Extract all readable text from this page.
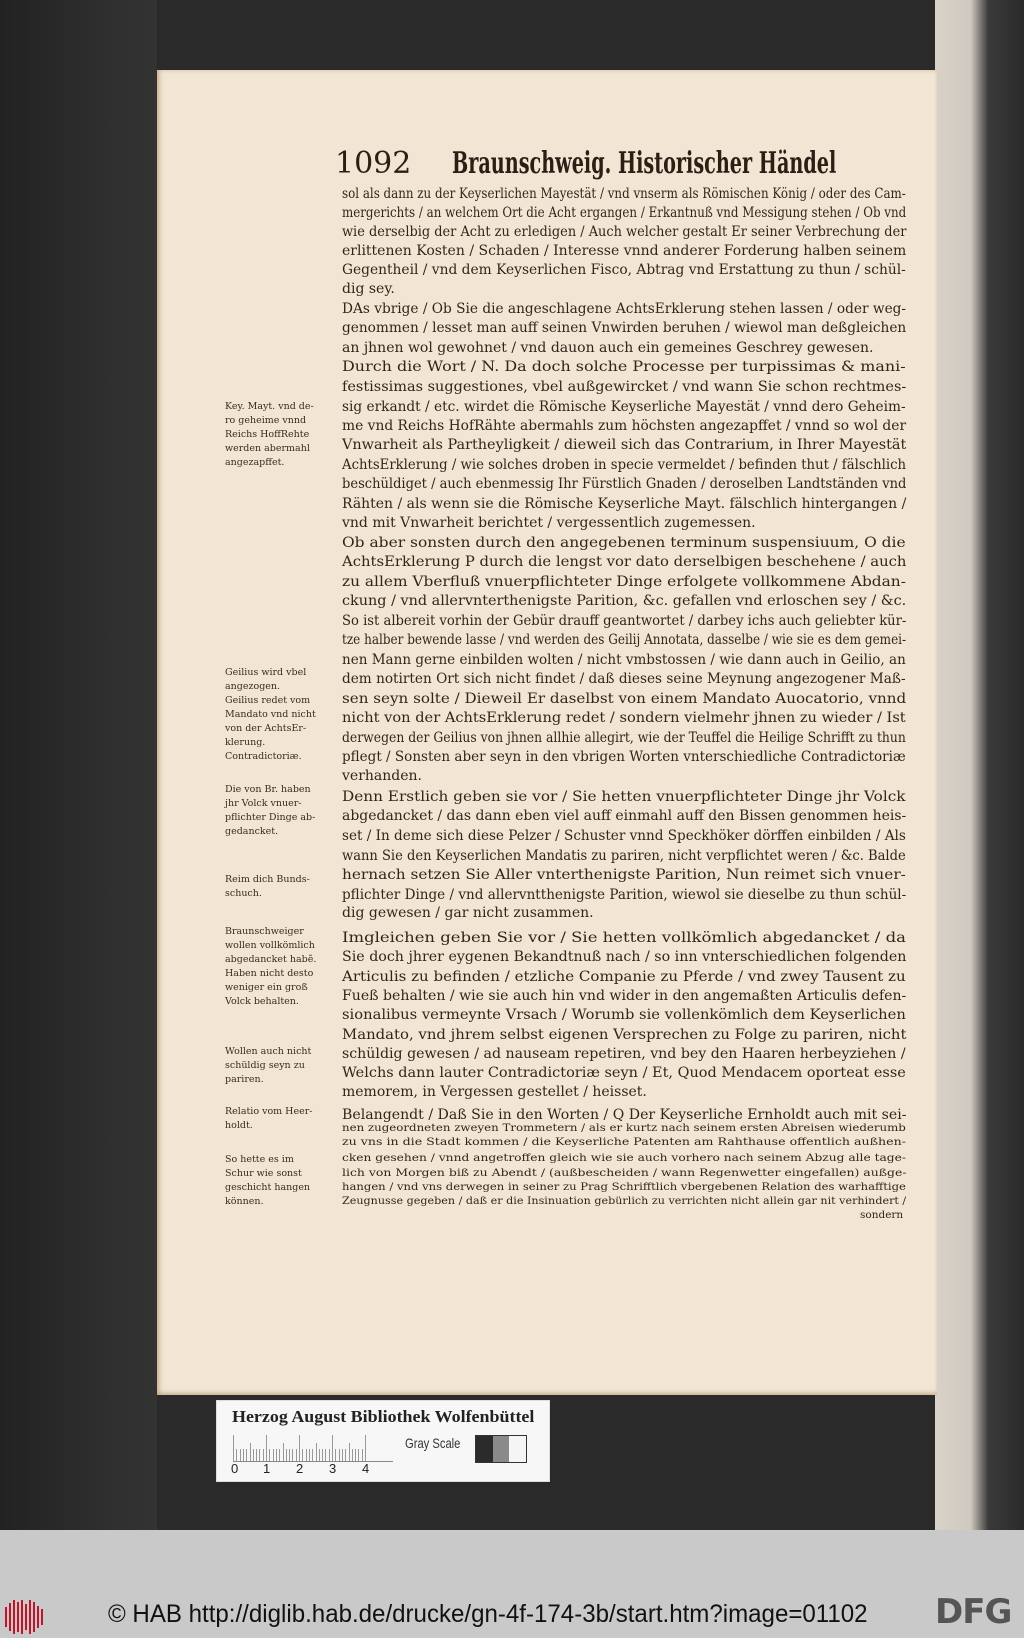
1092 Braunschweig. Historischer Händel
sol als dann zu der Keyserlichen Mayestät / vnd vnserm als Römischen König / oder des Cam-
mergerichts / an welchem Ort die Acht ergangen / Erkantnuß vnd Messigung stehen / Ob vnd
wie derselbig der Acht zu erledigen / Auch welcher gestalt Er seiner Verbrechung der
erlittenen Kosten / Schaden / Interesse vnnd anderer Forderung halben seinem
Gegentheil / vnd dem Keyserlichen Fisco, Abtrag vnd Erstattung zu thun / schül-
dig sey.
DAs vbrige / Ob Sie die angeschlagene AchtsErklerung stehen lassen / oder weg-
genommen / lesset man auff seinen Vnwirden beruhen / wiewol man deßgleichen
an jhnen wol gewohnet / vnd dauon auch ein gemeines Geschrey gewesen.
Durch die Wort / N. Da doch solche Processe per turpissimas & mani-
festissimas suggestiones, vbel außgewircket / vnd wann Sie schon rechtmes-
sig erkandt / etc. wirdet die Römische Keyserliche Mayestät / vnnd dero Geheim-
me vnd Reichs HofRähte abermahls zum höchsten angezapffet / vnnd so wol der
Vnwarheit als Partheyligkeit / dieweil sich das Contrarium, in Ihrer Mayestät
AchtsErklerung / wie solches droben in specie vermeldet / befinden thut / fälschlich
beschüldiget / auch ebenmessig Ihr Fürstlich Gnaden / deroselben Landtständen vnd
Rähten / als wenn sie die Römische Keyserliche Mayt. fälschlich hintergangen /
vnd mit Vnwarheit berichtet / vergessentlich zugemessen.
Ob aber sonsten durch den angegebenen terminum suspensiuum, O die
AchtsErklerung P durch die lengst vor dato derselbigen beschehene / auch
zu allem Vberfluß vnuerpflichteter Dinge erfolgete vollkommene Abdan-
ckung / vnd allervnterthenigste Parition, &c. gefallen vnd erloschen sey / &c.
So ist albereit vorhin der Gebür drauff geantwortet / darbey ichs auch geliebter kür-
tze halber bewende lasse / vnd werden des Geilij Annotata, dasselbe / wie sie es dem gemei-
nen Mann gerne einbilden wolten / nicht vmbstossen / wie dann auch in Geilio, an
dem notirten Ort sich nicht findet / daß dieses seine Meynung angezogener Maß-
sen seyn solte / Dieweil Er daselbst von einem Mandato Auocatorio, vnnd
nicht von der AchtsErklerung redet / sondern vielmehr jhnen zu wieder / Ist
derwegen der Geilius von jhnen allhie allegirt, wie der Teuffel die Heilige Schrifft zu thun
pflegt / Sonsten aber seyn in den vbrigen Worten vnterschiedliche Contradictoriæ
verhanden.
Denn Erstlich geben sie vor / Sie hetten vnuerpflichteter Dinge jhr Volck
abgedancket / das dann eben viel auff einmahl auff den Bissen genommen heis-
set / In deme sich diese Pelzer / Schuster vnnd Speckhöker dörffen einbilden / Als
wann Sie den Keyserlichen Mandatis zu pariren, nicht verpflichtet weren / &c. Balde
hernach setzen Sie Aller vnterthenigste Parition, Nun reimet sich vnuer-
pflichter Dinge / vnd allervntthenigste Parition, wiewol sie dieselbe zu thun schül-
dig gewesen / gar nicht zusammen.
Imgleichen geben Sie vor / Sie hetten vollkömlich abgedancket / da
Sie doch jhrer eygenen Bekandtnuß nach / so inn vnterschiedlichen folgenden
Articulis zu befinden / etzliche Companie zu Pferde / vnd zwey Tausent zu
Fueß behalten / wie sie auch hin vnd wider in den angemaßten Articulis defen-
sionalibus vermeynte Vrsach / Worumb sie vollenkömlich dem Keyserlichen
Mandato, vnd jhrem selbst eigenen Versprechen zu Folge zu pariren, nicht
schüldig gewesen / ad nauseam repetiren, vnd bey den Haaren herbeyziehen /
Welchs dann lauter Contradictoriæ seyn / Et, Quod Mendacem oporteat esse
memorem, in Vergessen gestellet / heisset.
Belangendt / Daß Sie in den Worten / Q Der Keyserliche Ernholdt auch mit sei-
nen zugeordneten zweyen Trommetern / als er kurtz nach seinem ersten Abreisen wiederumb
zu vns in die Stadt kommen / die Keyserliche Patenten am Rahthause offentlich außhen-
cken gesehen / vnnd angetroffen gleich wie sie auch vorhero nach seinem Abzug alle tage-
lich von Morgen biß zu Abendt / (außbescheiden / wann Regenwetter eingefallen) außge-
hangen / vnd vns derwegen in seiner zu Prag Schrifftlich vbergebenen Relation des warhafftige
Zeugnusse gegeben / daß er die Insinuation gebürlich zu verrichten nicht allein gar nit verhindert /
sondern
Key. Mayt. vnd de-
ro geheime vnnd
Reichs HoffRehte
werden abermahl
angezapffet.
Geilius wird vbel
angezogen.
Geilius redet vom
Mandato vnd nicht
von der AchtsEr-
klerung.
Contradictoriæ.
Die von Br. haben
jhr Volck vnuer-
pflichter Dinge ab-
gedancket.
Reim dich Bunds-
schuch.
Braunschweiger
wollen vollkömlich
abgedancket habẽ.
Haben nicht desto
weniger ein groß
Volck behalten.
Wollen auch nicht
schüldig seyn zu
pariren.
Relatio vom Heer-
holdt.
So hette es im
Schur wie sonst
geschicht hangen
können.
Herzog August Bibliothek Wolfenbüttel
0 1 2 3 4
Gray Scale
© HAB http://diglib.hab.de/drucke/gn-4f-174-3b/start.htm?image=01102 DFG
